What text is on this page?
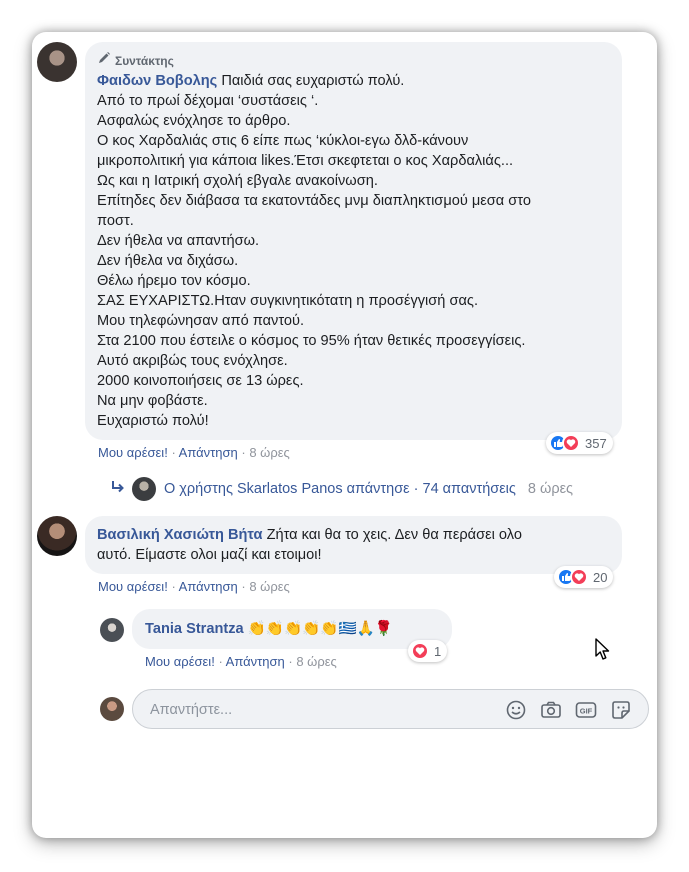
Συντάκτης
Φαιδων Βοβολης Παιδιά σας ευχαριστώ πολύ.
Από το πρωί δέχομαι ‘συστάσεις ‘.
Ασφαλώς ενόχλησε το άρθρο.
Ο κος Χαρδαλιάς στις 6 είπε πως ‘κύκλοι-εγω δλδ-κάνουν
μικροπολιτική για κάποια likes.Έτσι σκεφτεται ο κος Χαρδαλιάς...
Ως και η Ιατρική σχολή εβγαλε ανακοίνωση.
Επίτηδες δεν διάβασα τα εκατοντάδες μνμ διαπληκτισμού μεσα στο
ποστ.
Δεν ήθελα να απαντήσω.
Δεν ήθελα να διχάσω.
Θέλω ήρεμο τον κόσμο.
ΣΑΣ ΕΥΧΑΡΙΣΤΩ.Ηταν συγκινητικότατη η προσέγγισή σας.
Μου τηλεφώνησαν από παντού.
Στα 2100 που έστειλε ο κόσμος το 95% ήταν θετικές προσεγγίσεις.
Αυτό ακριβώς τους ενόχλησε.
2000 κοινοποιήσεις σε 13 ώρες.
Να μην φοβάστε.
Ευχαριστώ πολύ!
357
Μου αρέσει! · Απάντηση · 8 ώρες
Ο χρήστης Skarlatos Panos απάντησε · 74 απαντήσεις 8 ώρες
Βασιλική Χασιώτη Βήτα Ζήτα και θα το χεις. Δεν θα περάσει ολο
αυτό. Είμαστε ολοι μαζί και ετοιμοι!
20
Μου αρέσει! · Απάντηση · 8 ώρες
Tania Strantza 👏👏👏👏👏🇬🇷🙏🌹
1
Μου αρέσει! · Απάντηση · 8 ώρες
Απαντήστε...
GIF
